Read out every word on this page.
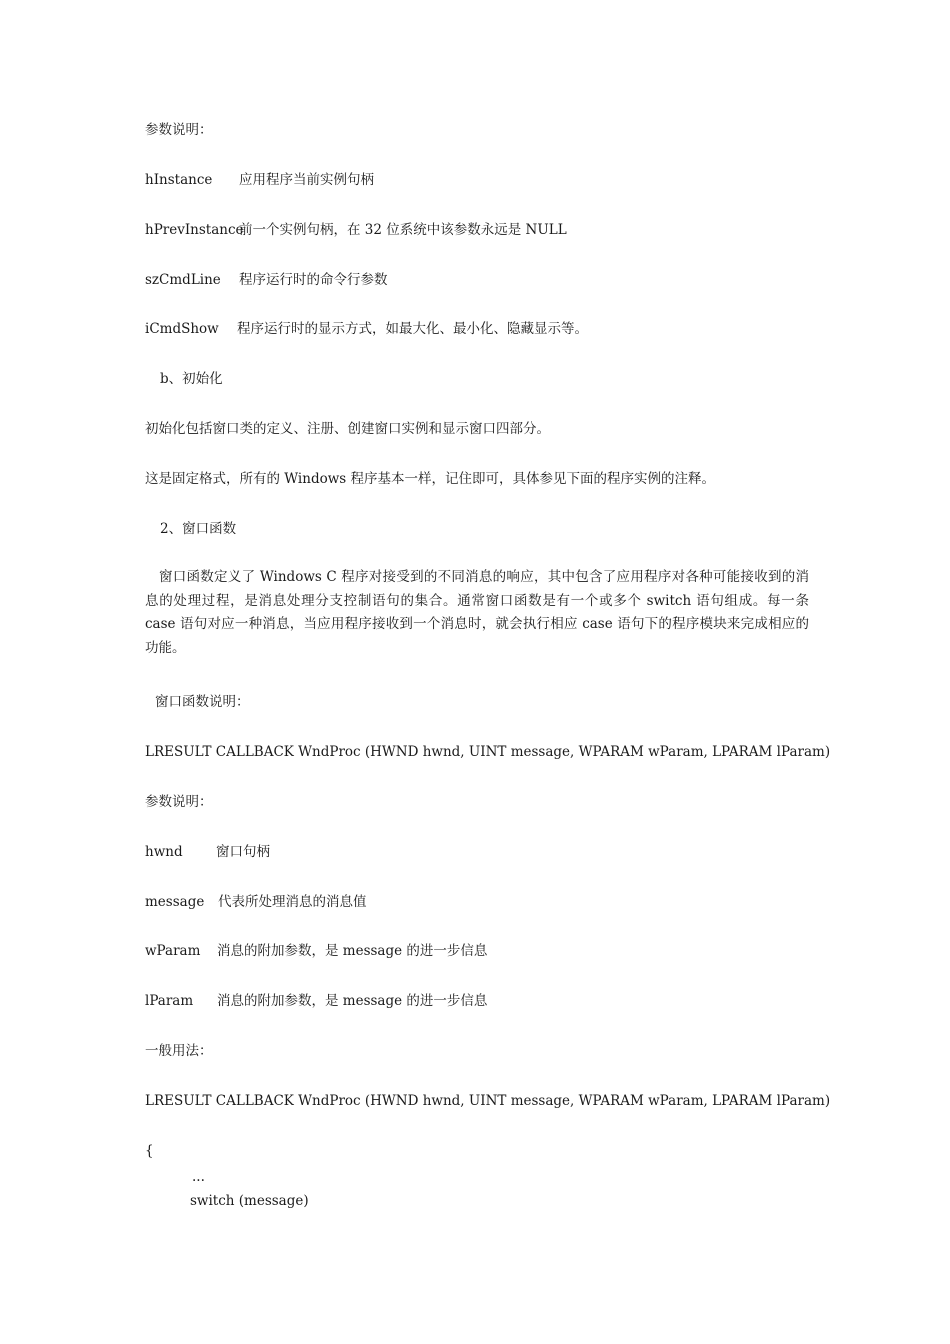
参数说明：
hInstance 应用程序当前实例句柄
hPrevInstance
前一个实例句柄，在 32 位系统中该参数永远是 NULL
szCmdLine 程序运行时的命令行参数
iCmdShow 程序运行时的显示方式，如最大化、最小化、隐藏显示等。
b、初始化
初始化包括窗口类的定义、注册、创建窗口实例和显示窗口四部分。
这是固定格式，所有的 Windows 程序基本一样，记住即可，具体参见下面的程序实例的注释。
2、窗口函数
窗口函数定义了 Windows C 程序对接受到的不同消息的响应，其中包含了应用程序对各种可能接收到的消息的处理过程，是消息处理分支控制语句的集合。通常窗口函数是有一个或多个 switch 语句组成。每一条 case 语句对应一种消息，当应用程序接收到一个消息时，就会执行相应 case 语句下的程序模块来完成相应的功能。
窗口函数说明：
LRESULT CALLBACK WndProc (HWND hwnd, UINT message, WPARAM wParam, LPARAM lParam)
参数说明：
hwnd 窗口句柄
message 代表所处理消息的消息值
wParam 消息的附加参数，是 message 的进一步信息
lParam 消息的附加参数，是 message 的进一步信息
一般用法：
LRESULT CALLBACK WndProc (HWND hwnd, UINT message, WPARAM wParam, LPARAM lParam)
{
...
switch (message)
